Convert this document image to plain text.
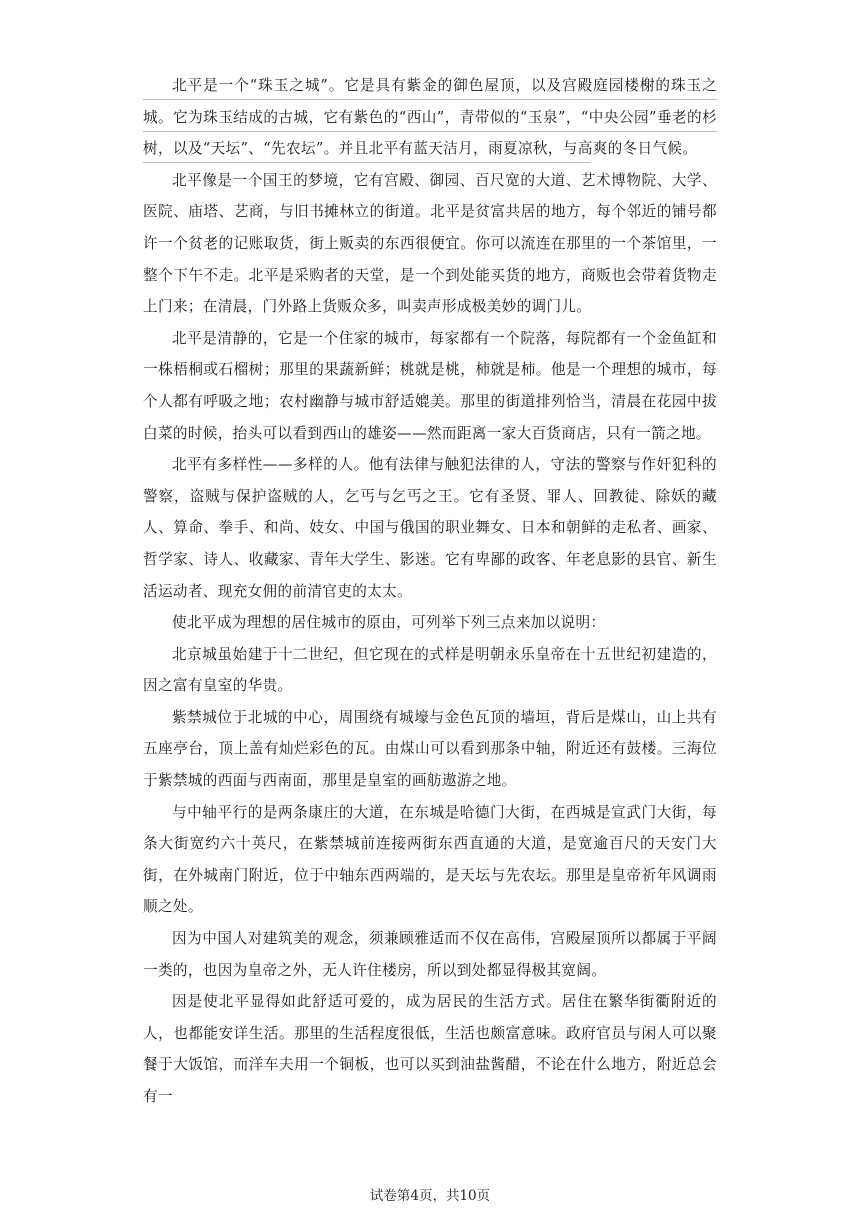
北平是一个“珠玉之城”。它是具有紫金的御色屋顶，以及宫殿庭园楼榭的珠玉之城。它为珠玉结成的古城，它有紫色的“西山”，青带似的“玉泉”，“中央公园”垂老的杉树，以及“天坛”、“先农坛”。并且北平有蓝天洁月，雨夏凉秋，与高爽的冬日气候。

北平像是一个国王的梦境，它有宫殿、御园、百尺宽的大道、艺术博物院、大学、医院、庙塔、艺商，与旧书摊林立的街道。北平是贫富共居的地方，每个邻近的铺号都许一个贫老的记账取货，街上贩卖的东西很便宜。你可以流连在那里的一个茶馆里，一整个下午不走。北平是采购者的天堂，是一个到处能买货的地方，商贩也会带着货物走上门来；在清晨，门外路上货贩众多，叫卖声形成极美妙的调门儿。

北平是清静的，它是一个住家的城市，每家都有一个院落，每院都有一个金鱼缸和一株梧桐或石榴树；那里的果蔬新鲜；桃就是桃，柿就是柿。他是一个理想的城市，每个人都有呼吸之地；农村幽静与城市舒适媲美。那里的街道排列恰当，清晨在花园中拔白菜的时候，抬头可以看到西山的雄姿——然而距离一家大百货商店，只有一箭之地。

北平有多样性——多样的人。他有法律与触犯法律的人，守法的警察与作奸犯科的警察，盗贼与保护盗贼的人，乞丐与乞丐之王。它有圣贤、罪人、回教徒、除妖的藏人、算命、拳手、和尚、妓女、中国与俄国的职业舞女、日本和朝鲜的走私者、画家、哲学家、诗人、收藏家、青年大学生、影迷。它有卑鄙的政客、年老息影的县官、新生活运动者、现充女佣的前清官吏的太太。

使北平成为理想的居住城市的原由，可列举下列三点来加以说明：

北京城虽始建于十二世纪，但它现在的式样是明朝永乐皇帝在十五世纪初建造的，因之富有皇室的华贵。

紫禁城位于北城的中心，周围绕有城壕与金色瓦顶的墙垣，背后是煤山，山上共有五座亭台，顶上盖有灿烂彩色的瓦。由煤山可以看到那条中轴，附近还有鼓楼。三海位于紫禁城的西面与西南面，那里是皇室的画舫遨游之地。

与中轴平行的是两条康庄的大道，在东城是哈德门大街，在西城是宣武门大街，每条大街宽约六十英尺，在紫禁城前连接两街东西直通的大道，是宽逾百尺的天安门大街，在外城南门附近，位于中轴东西两端的，是天坛与先农坛。那里是皇帝祈年风调雨顺之处。

因为中国人对建筑美的观念，须兼顾雅适而不仅在高伟，宫殿屋顶所以都属于平阔一类的，也因为皇帝之外，无人许住楼房，所以到处都显得极其宽阔。

因是使北平显得如此舒适可爱的，成为居民的生活方式。居住在繁华街衢附近的人，也都能安详生活。那里的生活程度很低，生活也颇富意味。政府官员与闲人可以聚餐于大饭馆，而洋车夫用一个铜板，也可以买到油盐酱醋，不论在什么地方，附近总会有一

试卷第4页，共10页
